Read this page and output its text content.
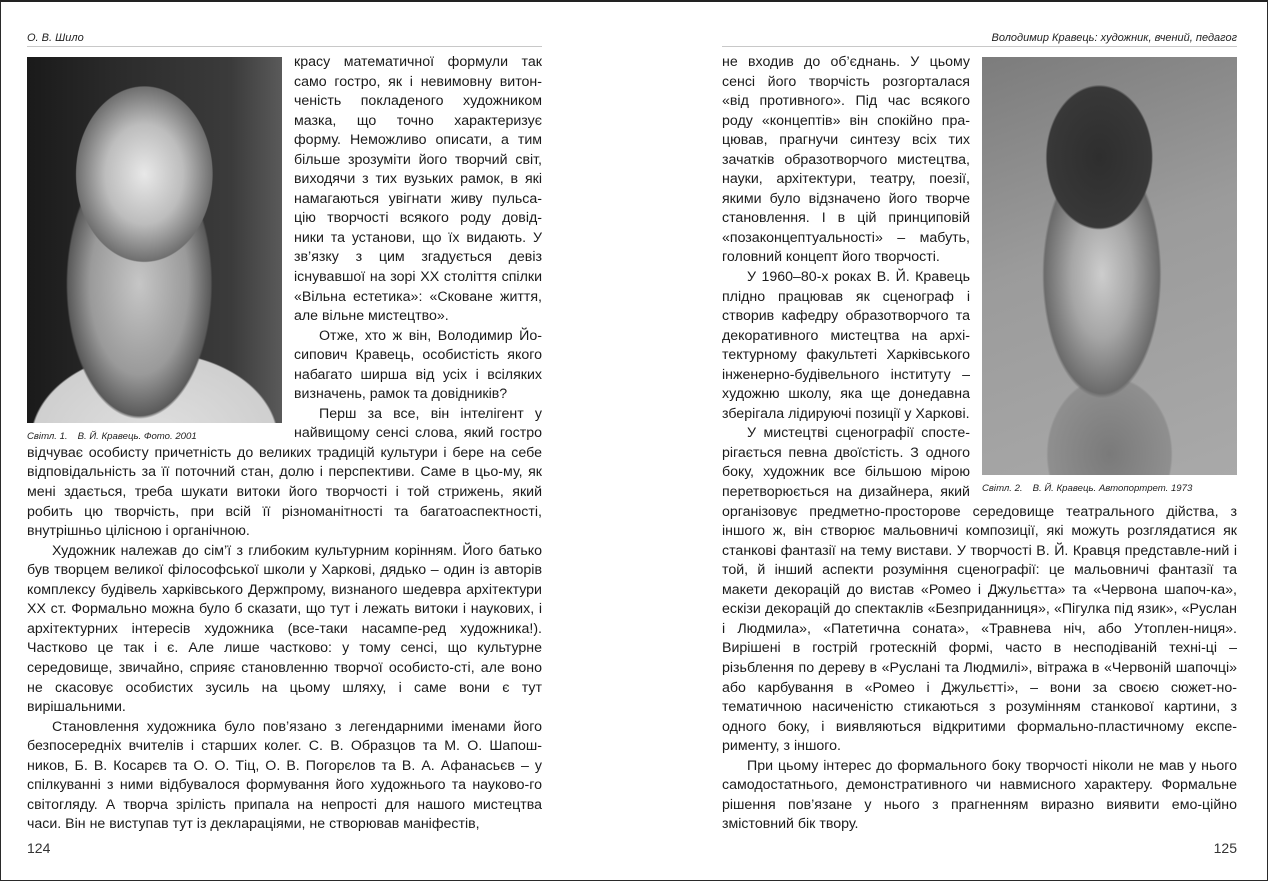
О. В. Шило
Світл. 1. В. Й. Кравець. Фото. 2001

красу математичної формули так само гостро, як і невимовну витон-ченість покладеного художником мазка, що точно характеризує форму. Неможливо описати, а тим більше зрозуміти його творчий світ, виходячи з тих вузьких рамок, в які намагаються увігнати живу пульса-цію творчості всякого роду довід-ники та установи, що їх видають. У зв’язку з цим згадується девіз існувавшої на зорі XX століття спілки «Вільна естетика»: «Сковане життя, але вільне мистецтво».

Отже, хто ж він, Володимир Йо-сипович Кравець, особистість якого набагато ширша від усіх і всіляких визначень, рамок та довідників?

Перш за все, він інтелігент у найвищому сенсі слова, який гостро відчуває особисту причетність до великих традицій культури і бере на себе відповідальність за її поточний стан, долю і перспективи. Саме в цьо-му, як мені здається, треба шукати витоки його творчості і той стрижень, який робить цю творчість, при всій її різноманітності та багатоаспектності, внутрішньо цілісною і органічною.

Художник належав до сім’ї з глибоким культурним корінням. Його батько був творцем великої філософської школи у Харкові, дядько – один із авторів комплексу будівель харківського Держпрому, визнаного шедевра архітектури XX ст. Формально можна було б сказати, що тут і лежать витоки і наукових, і архітектурних інтересів художника (все-таки насампе-ред художника!). Частково це так і є. Але лише частково: у тому сенсі, що культурне середовище, звичайно, сприяє становленню творчої особисто-сті, але воно не скасовує особистих зусиль на цьому шляху, і саме вони є тут вирішальними.

Становлення художника було пов’язано з легендарними іменами його безпосередніх вчителів і старших колег. С. В. Образцов та М. О. Шапош-ников, Б. В. Косарєв та О. О. Тіц, О. В. Погорєлов та В. А. Афанасьєв – у спілкуванні з ними відбувалося формування його художнього та науково-го світогляду. А творча зрілість припала на непрості для нашого мистецтва часи. Він не виступав тут із деклараціями, не створював маніфестів,

124
Володимир Кравець: художник, вчений, педагог
Світл. 2. В. Й. Кравець. Автопортрет. 1973

не входив до об’єднань. У цьому сенсі його творчість розгорталася «від противного». Під час всякого роду «концептів» він спокійно пра-цював, прагнучи синтезу всіх тих зачатків образотворчого мистецтва, науки, архітектури, театру, поезії, якими було відзначено його творче становлення. І в цій принциповій «позаконцептуальності» – мабуть, головний концепт його творчості.

У 1960–80-х роках В. Й. Кравець плідно працював як сценограф і створив кафедру образотворчого та декоративного мистецтва на архі-тектурному факультеті Харківського інженерно-будівельного інституту – художню школу, яка ще донедавна зберігала лідируючі позиції у Харкові.

У мистецтві сценографії спосте-рігається певна двоїстість. З одного боку, художник все більшою мірою перетворюється на дизайнера, який організовує предметно-просторове середовище театрального дійства, з іншого ж, він створює мальовничі композиції, які можуть розглядатися як станкові фантазії на тему вистави. У творчості В. Й. Кравця представле-ний і той, й інший аспекти розуміння сценографії: це мальовничі фантазії та макети декорацій до вистав «Ромео і Джульєтта» та «Червона шапоч-ка», ескізи декорацій до спектаклів «Безприданниця», «Пігулка під язик», «Руслан і Людмила», «Патетична соната», «Травнева ніч, або Утоплен-ниця». Вирішені в гострій гротескній формі, часто в несподіваній техні-ці – різьблення по дереву в «Руслані та Людмилі», вітража в «Червоній шапочці» або карбування в «Ромео і Джульєтті», – вони за своєю сюжет-но-тематичною насиченістю стикаються з розумінням станкової картини, з одного боку, і виявляються відкритими формально-пластичному експе-рименту, з іншого.

При цьому інтерес до формального боку творчості ніколи не мав у нього самодостатнього, демонстративного чи навмисного характеру. Формальне рішення пов’язане у нього з прагненням виразно виявити емо-ційно змістовний бік твору.

125
